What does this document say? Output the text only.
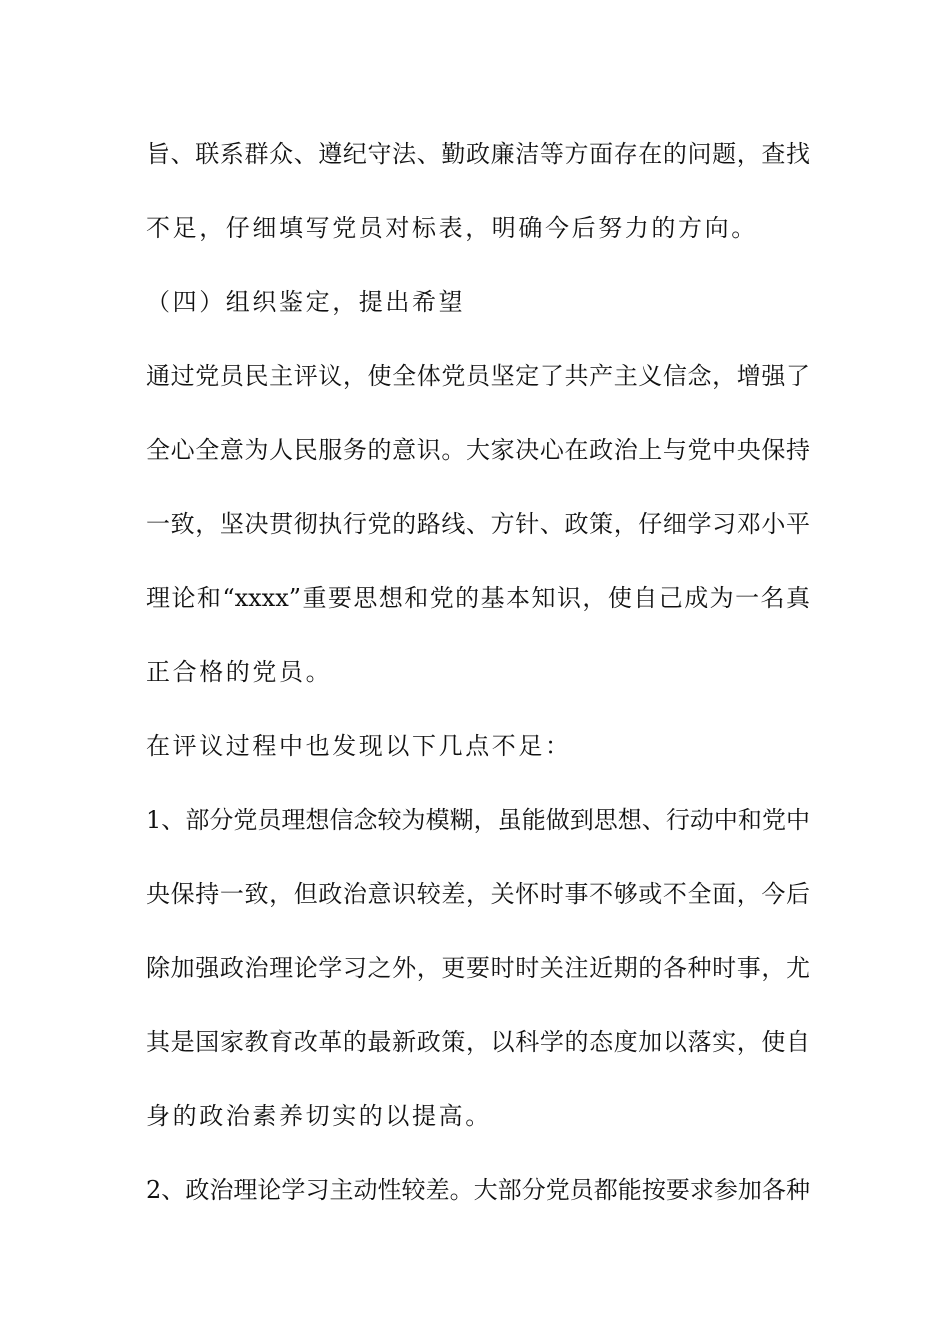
旨、联系群众、遵纪守法、勤政廉洁等方面存在的问题，查找
不足，仔细填写党员对标表，明确今后努力的方向。
（四）组织鉴定，提出希望
通过党员民主评议，使全体党员坚定了共产主义信念，增强了
全心全意为人民服务的意识。大家决心在政治上与党中央保持
一致，坚决贯彻执行党的路线、方针、政策，仔细学习邓小平
理论和“xxxx”重要思想和党的基本知识，使自己成为一名真
正合格的党员。
在评议过程中也发现以下几点不足：
1、部分党员理想信念较为模糊，虽能做到思想、行动中和党中
央保持一致，但政治意识较差，关怀时事不够或不全面，今后
除加强政治理论学习之外，更要时时关注近期的各种时事，尤
其是国家教育改革的最新政策，以科学的态度加以落实，使自
身的政治素养切实的以提高。
2、政治理论学习主动性较差。大部分党员都能按要求参加各种
